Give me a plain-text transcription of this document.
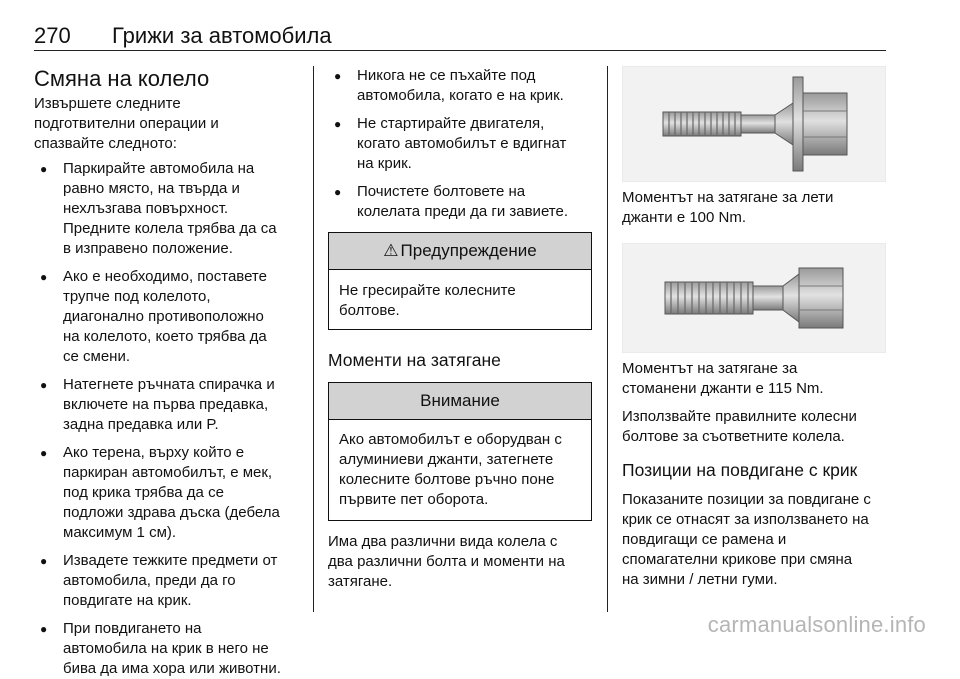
270 Грижи за автомобила
Смяна на колело

Извършете следните
подготвителни операции и
спазвайте следното:

● Паркирайте автомобила на
равно място, на твърда и
нехлъзгава повърхност.
Предните колела трябва да са
в изправено положение.
● Ако е необходимо, поставете
трупче под колелото,
диагонално противоположно
на колелото, което трябва да
се смени.
● Натегнете ръчната спирачка и
включете на първа предавка,
задна предавка или P.
● Ако терена, върху който е
паркиран автомобилът, е мек,
под крика трябва да се
подложи здрава дъска (дебела
максимум 1 см).
● Извадете тежките предмети от
автомобила, преди да го
повдигате на крик.
● При повдигането на
автомобила на крик в него не
бива да има хора или животни.
● Никога не се пъхайте под
автомобила, когато е на крик.
● Не стартирайте двигателя,
когато автомобилът е вдигнат
на крик.
● Почистете болтовете на
колелата преди да ги завиете.
⚠ Предупреждение
Не гресирайте колесните
болтове.
Моменти на затягане
Внимание
Ако автомобилът е оборудван с
алуминиеви джанти, затегнете
колесните болтове ръчно поне
първите пет оборота.

Има два различни вида колела с
два различни болта и моменти на
затягане.

Моментът на затягане за лети
джанти е 100 Nm.

Моментът на затягане за
стоманени джанти е 115 Nm.

Използвайте правилните колесни
болтове за съответните колела.

Позиции на повдигане с крик

Показаните позиции за повдигане с
крик се отнасят за използването на
повдигащи се рамена и
спомагателни крикове при смяна
на зимни / летни гуми.

carmanualsonline.info
